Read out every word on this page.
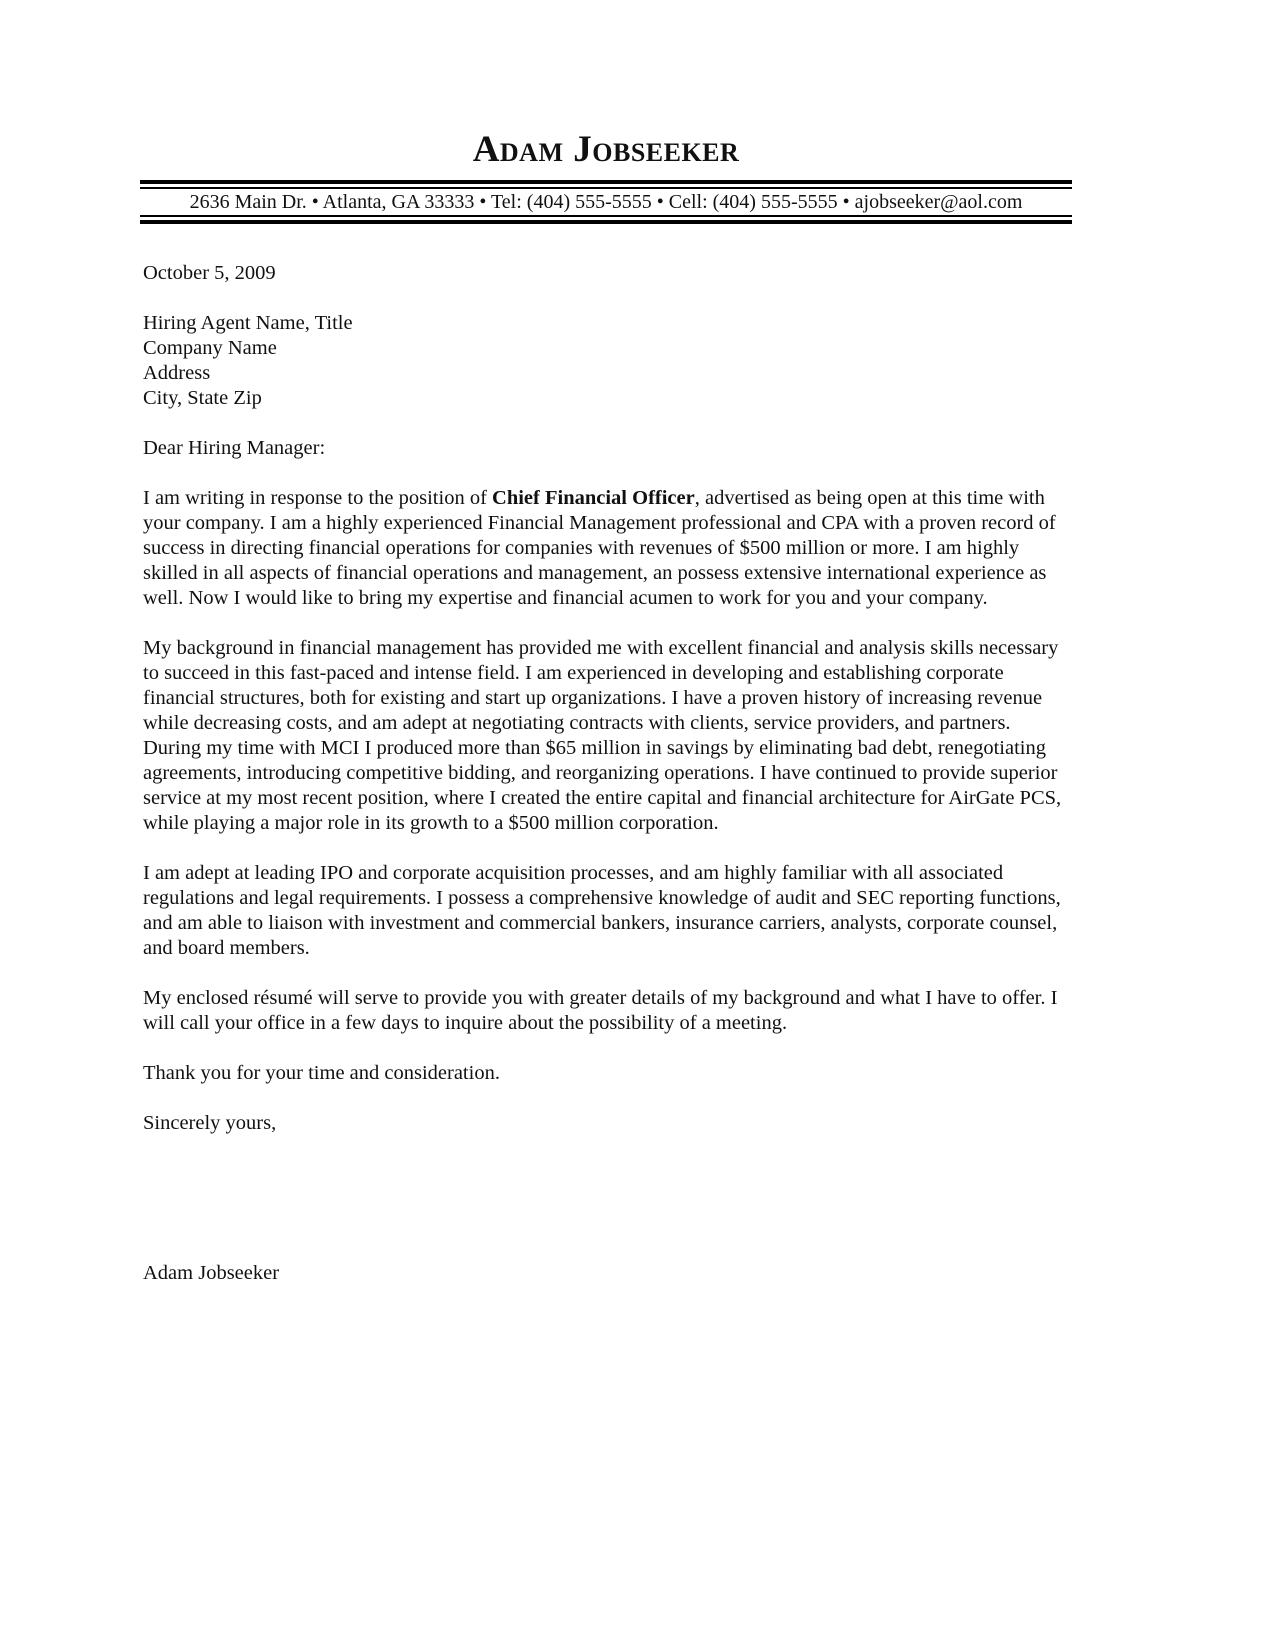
Adam Jobseeker
2636 Main Dr. • Atlanta, GA 33333 • Tel: (404) 555-5555 • Cell: (404) 555-5555 • ajobseeker@aol.com
October 5, 2009
Hiring Agent Name, Title
Company Name
Address
City, State Zip
Dear Hiring Manager:

I am writing in response to the position of Chief Financial Officer, advertised as being open at this time with your company. I am a highly experienced Financial Management professional and CPA with a proven record of success in directing financial operations for companies with revenues of $500 million or more. I am highly skilled in all aspects of financial operations and management, an possess extensive international experience as well. Now I would like to bring my expertise and financial acumen to work for you and your company.

My background in financial management has provided me with excellent financial and analysis skills necessary to succeed in this fast-paced and intense field. I am experienced in developing and establishing corporate financial structures, both for existing and start up organizations. I have a proven history of increasing revenue while decreasing costs, and am adept at negotiating contracts with clients, service providers, and partners. During my time with MCI I produced more than $65 million in savings by eliminating bad debt, renegotiating agreements, introducing competitive bidding, and reorganizing operations. I have continued to provide superior service at my most recent position, where I created the entire capital and financial architecture for AirGate PCS, while playing a major role in its growth to a $500 million corporation.

I am adept at leading IPO and corporate acquisition processes, and am highly familiar with all associated regulations and legal requirements. I possess a comprehensive knowledge of audit and SEC reporting functions, and am able to liaison with investment and commercial bankers, insurance carriers, analysts, corporate counsel, and board members.

My enclosed résumé will serve to provide you with greater details of my background and what I have to offer. I will call your office in a few days to inquire about the possibility of a meeting.

Thank you for your time and consideration.

Sincerely yours,
Adam Jobseeker
